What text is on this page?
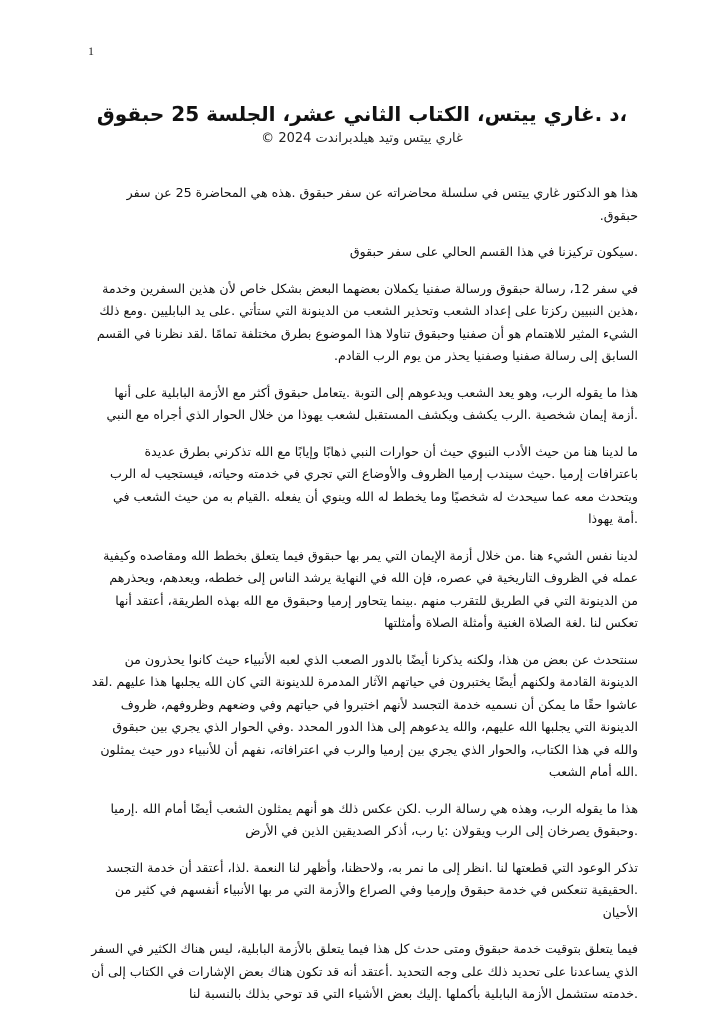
1
،د .غاري ييتس، الكتاب الثاني عشر، الجلسة 25 حبقوق
غاري ييتس وتيد هيلدبراندت 2024 ©

هذا هو الدكتور غاري ييتس في سلسلة محاضراته عن سفر حبقوق .هذه هي المحاضرة 25 عن سفر حبقوق.

.سيكون تركيزنا في هذا القسم الحالي على سفر حبقوق

في سفر 12، رسالة حبقوق ورسالة صفنيا يكملان بعضهما البعض بشكل خاص لأن هذين السفرين وخدمة ،هذين النبيين ركزتا على إعداد الشعب وتحذير الشعب من الدينونة التي ستأتي .على يد البابليين .ومع ذلك الشيء المثير للاهتمام هو أن صفنيا وحبقوق تناولا هذا الموضوع بطرق مختلفة تمامًا .لقد نظرنا في القسم السابق إلى رسالة صفنيا وصفنيا يحذر من يوم الرب القادم.

هذا ما يقوله الرب، وهو يعد الشعب ويدعوهم إلى التوبة .يتعامل حبقوق أكثر مع الأزمة البابلية على أنها .أزمة إيمان شخصية .الرب يكشف ويكشف المستقبل لشعب يهوذا من خلال الحوار الذي أجراه مع النبي

ما لدينا هنا من حيث الأدب النبوي حيث أن حوارات النبي ذهابًا وإيابًا مع الله تذكرني بطرق عديدة باعترافات إرميا .حيث سيندب إرميا الظروف والأوضاع التي تجري في خدمته وحياته، فيستجيب له الرب ويتحدث معه عما سيحدث له شخصيًا وما يخطط له الله وينوي أن يفعله .القيام به من حيث الشعب في .أمة يهوذا

لدينا نفس الشيء هنا .من خلال أزمة الإيمان التي يمر بها حبقوق فيما يتعلق بخطط الله ومقاصده وكيفية عمله في الظروف التاريخية في عصره، فإن الله في النهاية يرشد الناس إلى خططه، ويعدهم، ويحذرهم من الدينونة التي في الطريق للتقرب منهم .بينما يتحاور إرميا وحبقوق مع الله بهذه الطريقة، أعتقد أنها تعكس لنا .لغة الصلاة الغنية وأمثلة الصلاة وأمثلتها

سنتحدث عن بعض من هذا، ولكنه يذكرنا أيضًا بالدور الصعب الذي لعبه الأنبياء حيث كانوا يحذرون من الدينونة القادمة ولكنهم أيضًا يختبرون في حياتهم الآثار المدمرة للدينونة التي كان الله يجلبها هذا عليهم .لقد عاشوا حقًا ما يمكن أن نسميه خدمة التجسد لأنهم اختبروا في حياتهم وفي وضعهم وظروفهم، ظروف الدينونة التي يجلبها الله عليهم، والله يدعوهم إلى هذا الدور المحدد .وفي الحوار الذي يجري بين حبقوق والله في هذا الكتاب، والحوار الذي يجري بين إرميا والرب في اعترافاته، نفهم أن للأنبياء دور حيث يمثلون .الله أمام الشعب

هذا ما يقوله الرب، وهذه هي رسالة الرب .لكن عكس ذلك هو أنهم يمثلون الشعب أيضًا أمام الله .إرميا .وحبقوق يصرخان إلى الرب ويقولان :يا رب، أذكر الصديقين الذين في الأرض

تذكر الوعود التي قطعتها لنا .انظر إلى ما نمر به، ولاحظنا، وأظهر لنا النعمة .لذا، أعتقد أن خدمة التجسد .الحقيقية تنعكس في خدمة حبقوق وإرميا وفي الصراع والأزمة التي مر بها الأنبياء أنفسهم في كثير من الأحيان

فيما يتعلق بتوقيت خدمة حبقوق ومتى حدث كل هذا فيما يتعلق بالأزمة البابلية، ليس هناك الكثير في السفر الذي يساعدنا على تحديد ذلك على وجه التحديد .أعتقد أنه قد تكون هناك بعض الإشارات في الكتاب إلى أن .خدمته ستشمل الأزمة البابلية بأكملها .إليك بعض الأشياء التي قد توحي بذلك بالنسبة لنا
